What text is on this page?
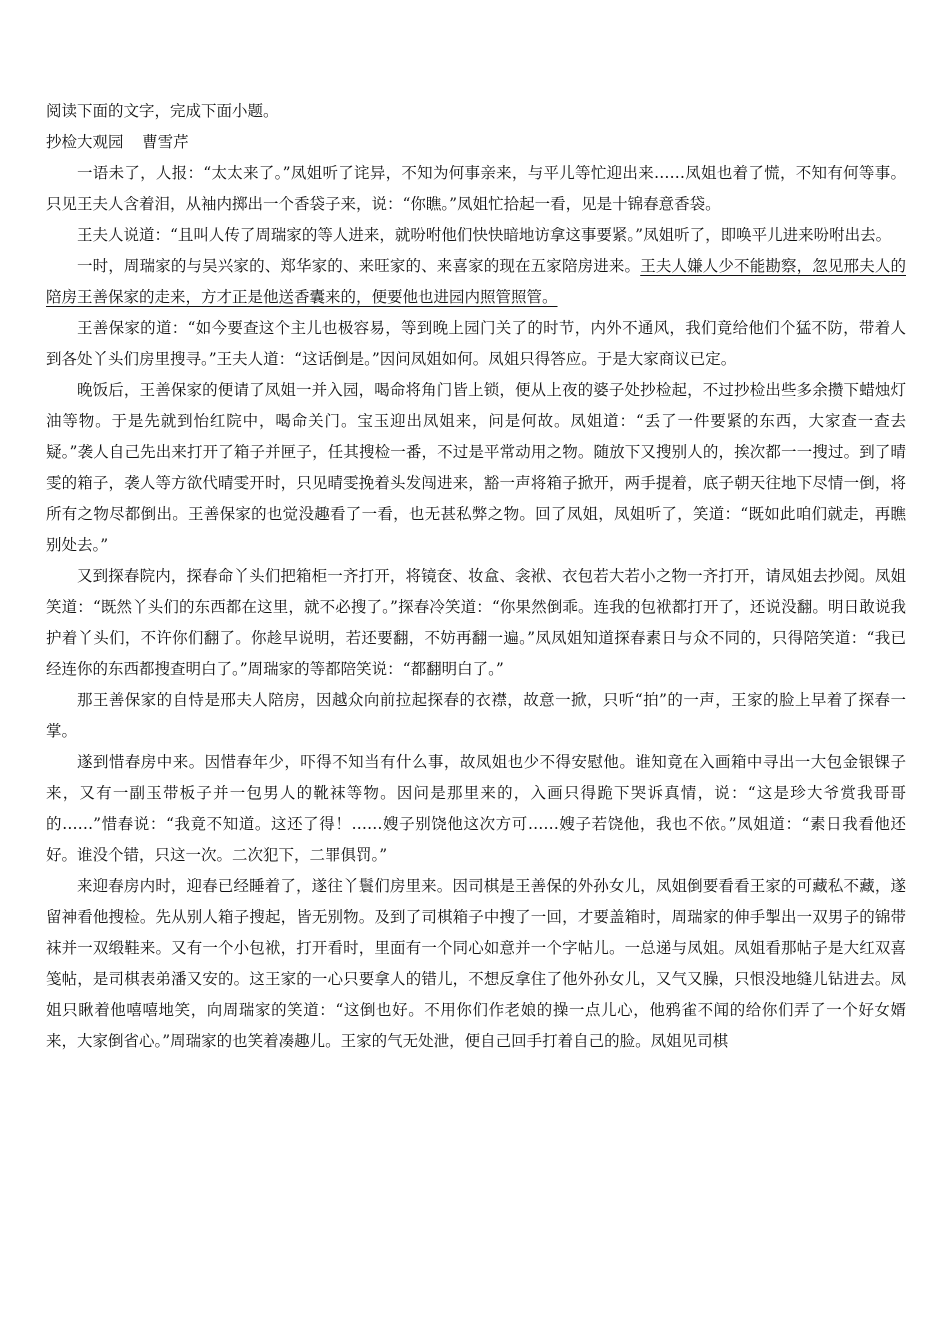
阅读下面的文字，完成下面小题。

抄检大观园 曹雪芹

一语未了，人报：“太太来了。”凤姐听了诧异，不知为何事亲来，与平儿等忙迎出来……凤姐也着了慌，不知有何等事。只见王夫人含着泪，从袖内掷出一个香袋子来，说：“你瞧。”凤姐忙拾起一看，见是十锦春意香袋。

王夫人说道：“且叫人传了周瑞家的等人进来，就吩咐他们快快暗地访拿这事要紧。”凤姐听了，即唤平儿进来吩咐出去。

一时，周瑞家的与吴兴家的、郑华家的、来旺家的、来喜家的现在五家陪房进来。王夫人嫌人少不能勘察，忽见邢夫人的陪房王善保家的走来，方才正是他送香囊来的，便要他也进园内照管照管。

王善保家的道：“如今要查这个主儿也极容易，等到晚上园门关了的时节，内外不通风，我们竟给他们个猛不防，带着人到各处丫头们房里搜寻。”王夫人道：“这话倒是。”因问凤姐如何。凤姐只得答应。于是大家商议已定。

晚饭后，王善保家的便请了凤姐一并入园，喝命将角门皆上锁，便从上夜的婆子处抄检起，不过抄检出些多余攒下蜡烛灯油等物。于是先就到怡红院中，喝命关门。宝玉迎出凤姐来，问是何故。凤姐道：“丢了一件要紧的东西，大家查一查去疑。”袭人自己先出来打开了箱子并匣子，任其搜检一番，不过是平常动用之物。随放下又搜别人的，挨次都一一搜过。到了晴雯的箱子，袭人等方欲代晴雯开时，只见晴雯挽着头发闯进来，豁一声将箱子掀开，两手提着，底子朝天往地下尽情一倒，将所有之物尽都倒出。王善保家的也觉没趣看了一看，也无甚私弊之物。回了凤姐，凤姐听了，笑道：“既如此咱们就走，再瞧别处去。”

又到探春院内，探春命丫头们把箱柜一齐打开，将镜奁、妆盒、衾袱、衣包若大若小之物一齐打开，请凤姐去抄阅。凤姐笑道：“既然丫头们的东西都在这里，就不必搜了。”探春冷笑道：“你果然倒乖。连我的包袱都打开了，还说没翻。明日敢说我护着丫头们，不许你们翻了。你趁早说明，若还要翻，不妨再翻一遍。”凤凤姐知道探春素日与众不同的，只得陪笑道：“我已经连你的东西都搜查明白了。”周瑞家的等都陪笑说：“都翻明白了。”

那王善保家的自恃是邢夫人陪房，因越众向前拉起探春的衣襟，故意一掀，只听“拍”的一声，王家的脸上早着了探春一掌。

遂到惜春房中来。因惜春年少，吓得不知当有什么事，故凤姐也少不得安慰他。谁知竟在入画箱中寻出一大包金银锞子来，又有一副玉带板子并一包男人的靴袜等物。因问是那里来的，入画只得跪下哭诉真情，说：“这是珍大爷赏我哥哥的……”惜春说：“我竟不知道。这还了得！……嫂子别饶他这次方可……嫂子若饶他，我也不依。”凤姐道：“素日我看他还好。谁没个错，只这一次。二次犯下，二罪俱罚。”

来迎春房内时，迎春已经睡着了，遂往丫鬟们房里来。因司棋是王善保的外孙女儿，凤姐倒要看看王家的可藏私不藏，遂留神看他搜检。先从别人箱子搜起，皆无别物。及到了司棋箱子中搜了一回，才要盖箱时，周瑞家的伸手掣出一双男子的锦带袜并一双缎鞋来。又有一个小包袱，打开看时，里面有一个同心如意并一个字帖儿。一总递与凤姐。凤姐看那帖子是大红双喜笺帖，是司棋表弟潘又安的。这王家的一心只要拿人的错儿，不想反拿住了他外孙女儿，又气又臊，只恨没地缝儿钻进去。凤姐只瞅着他嘻嘻地笑，向周瑞家的笑道：“这倒也好。不用你们作老娘的操一点儿心，他鸦雀不闻的给你们弄了一个好女婿来，大家倒省心。”周瑞家的也笑着凑趣儿。王家的气无处泄，便自己回手打着自己的脸。凤姐见司棋
